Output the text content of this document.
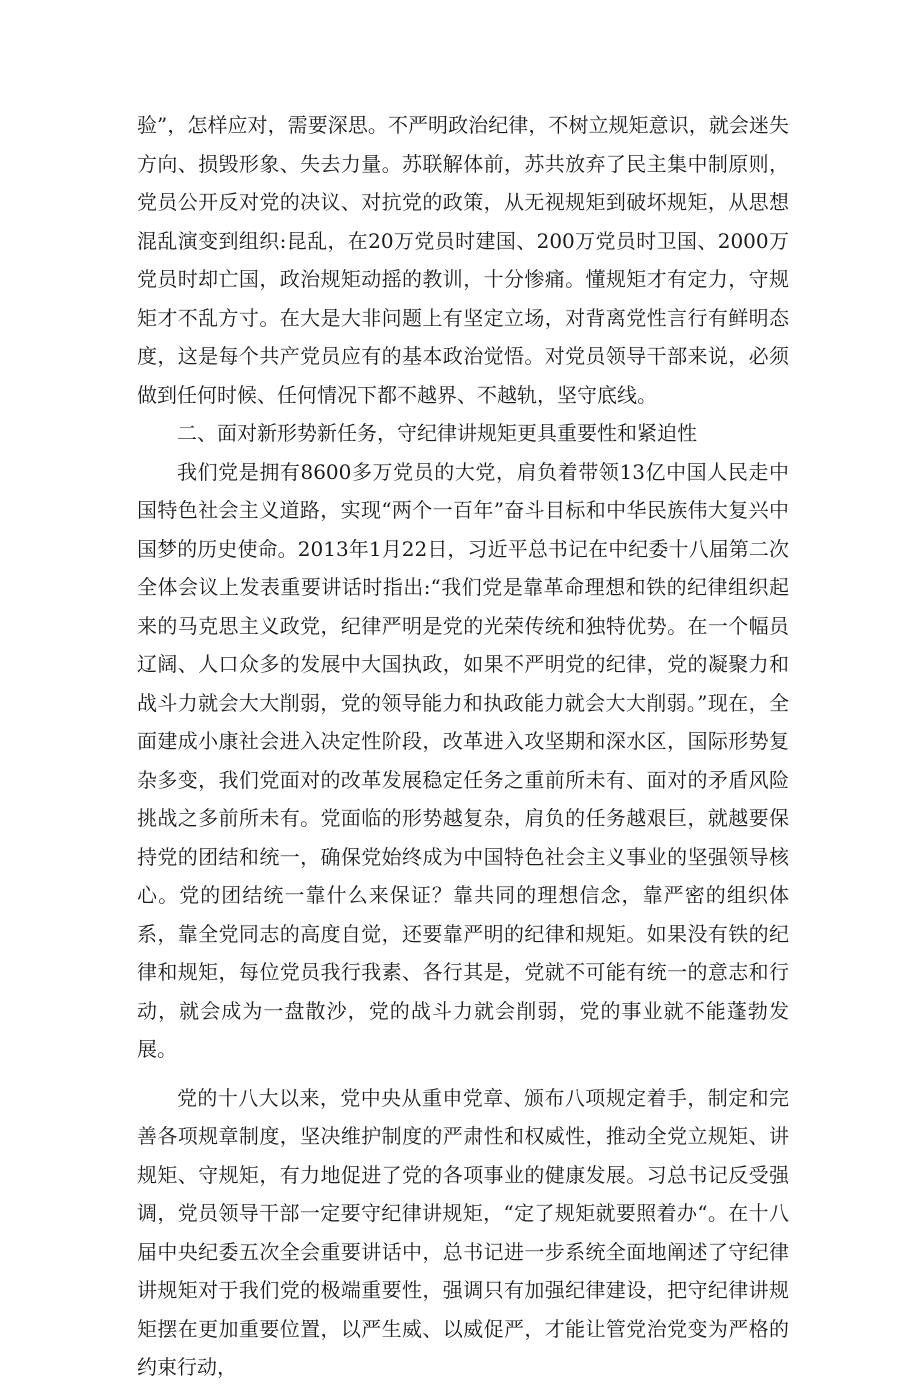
验”，怎样应对，需要深思。不严明政治纪律，不树立规矩意识，就会迷失方向、损毁形象、失去力量。苏联解体前，苏共放弃了民主集中制原则，党员公开反对党的决议、对抗党的政策，从无视规矩到破坏规矩，从思想混乱演变到组织:昆乱，在20万党员时建国、200万党员时卫国、2000万党员时却亡国，政治规矩动摇的教训，十分惨痛。懂规矩才有定力，守规矩才不乱方寸。在大是大非问题上有坚定立场，对背离党性言行有鲜明态度，这是每个共产党员应有的基本政治觉悟。对党员领导干部来说，必须做到任何时候、任何情况下都不越界、不越轨，坚守底线。

二、面对新形势新任务，守纪律讲规矩更具重要性和紧迫性

我们党是拥有8600多万党员的大党，肩负着带领13亿中国人民走中国特色社会主义道路，实现“两个一百年”奋斗目标和中华民族伟大复兴中国梦的历史使命。2013年1月22日，习近平总书记在中纪委十八届第二次全体会议上发表重要讲话时指出:“我们党是靠革命理想和铁的纪律组织起来的马克思主义政党，纪律严明是党的光荣传统和独特优势。在一个幅员辽阔、人口众多的发展中大国执政，如果不严明党的纪律，党的凝聚力和战斗力就会大大削弱，党的领导能力和执政能力就会大大削弱。”现在，全面建成小康社会进入决定性阶段，改革进入攻坚期和深水区，国际形势复杂多变，我们党面对的改革发展稳定任务之重前所未有、面对的矛盾风险挑战之多前所未有。党面临的形势越复杂，肩负的任务越艰巨，就越要保持党的团结和统一，确保党始终成为中国特色社会主义事业的坚强领导核心。党的团结统一靠什么来保证？靠共同的理想信念，靠严密的组织体系，靠全党同志的高度自觉，还要靠严明的纪律和规矩。如果没有铁的纪律和规矩，每位党员我行我素、各行其是，党就不可能有统一的意志和行动，就会成为一盘散沙，党的战斗力就会削弱，党的事业就不能蓬勃发展。

党的十八大以来，党中央从重申党章、颁布八项规定着手，制定和完善各项规章制度，坚决维护制度的严肃性和权威性，推动全党立规矩、讲规矩、守规矩，有力地促进了党的各项事业的健康发展。习总书记反受强调，党员领导干部一定要守纪律讲规矩，“定了规矩就要照着办“。在十八届中央纪委五次全会重要讲话中，总书记进一步系统全面地阐述了守纪律讲规矩对于我们党的极端重要性，强调只有加强纪律建设，把守纪律讲规矩摆在更加重要位置，以严生威、以威促严，才能让管党治党变为严格的约束行动，
